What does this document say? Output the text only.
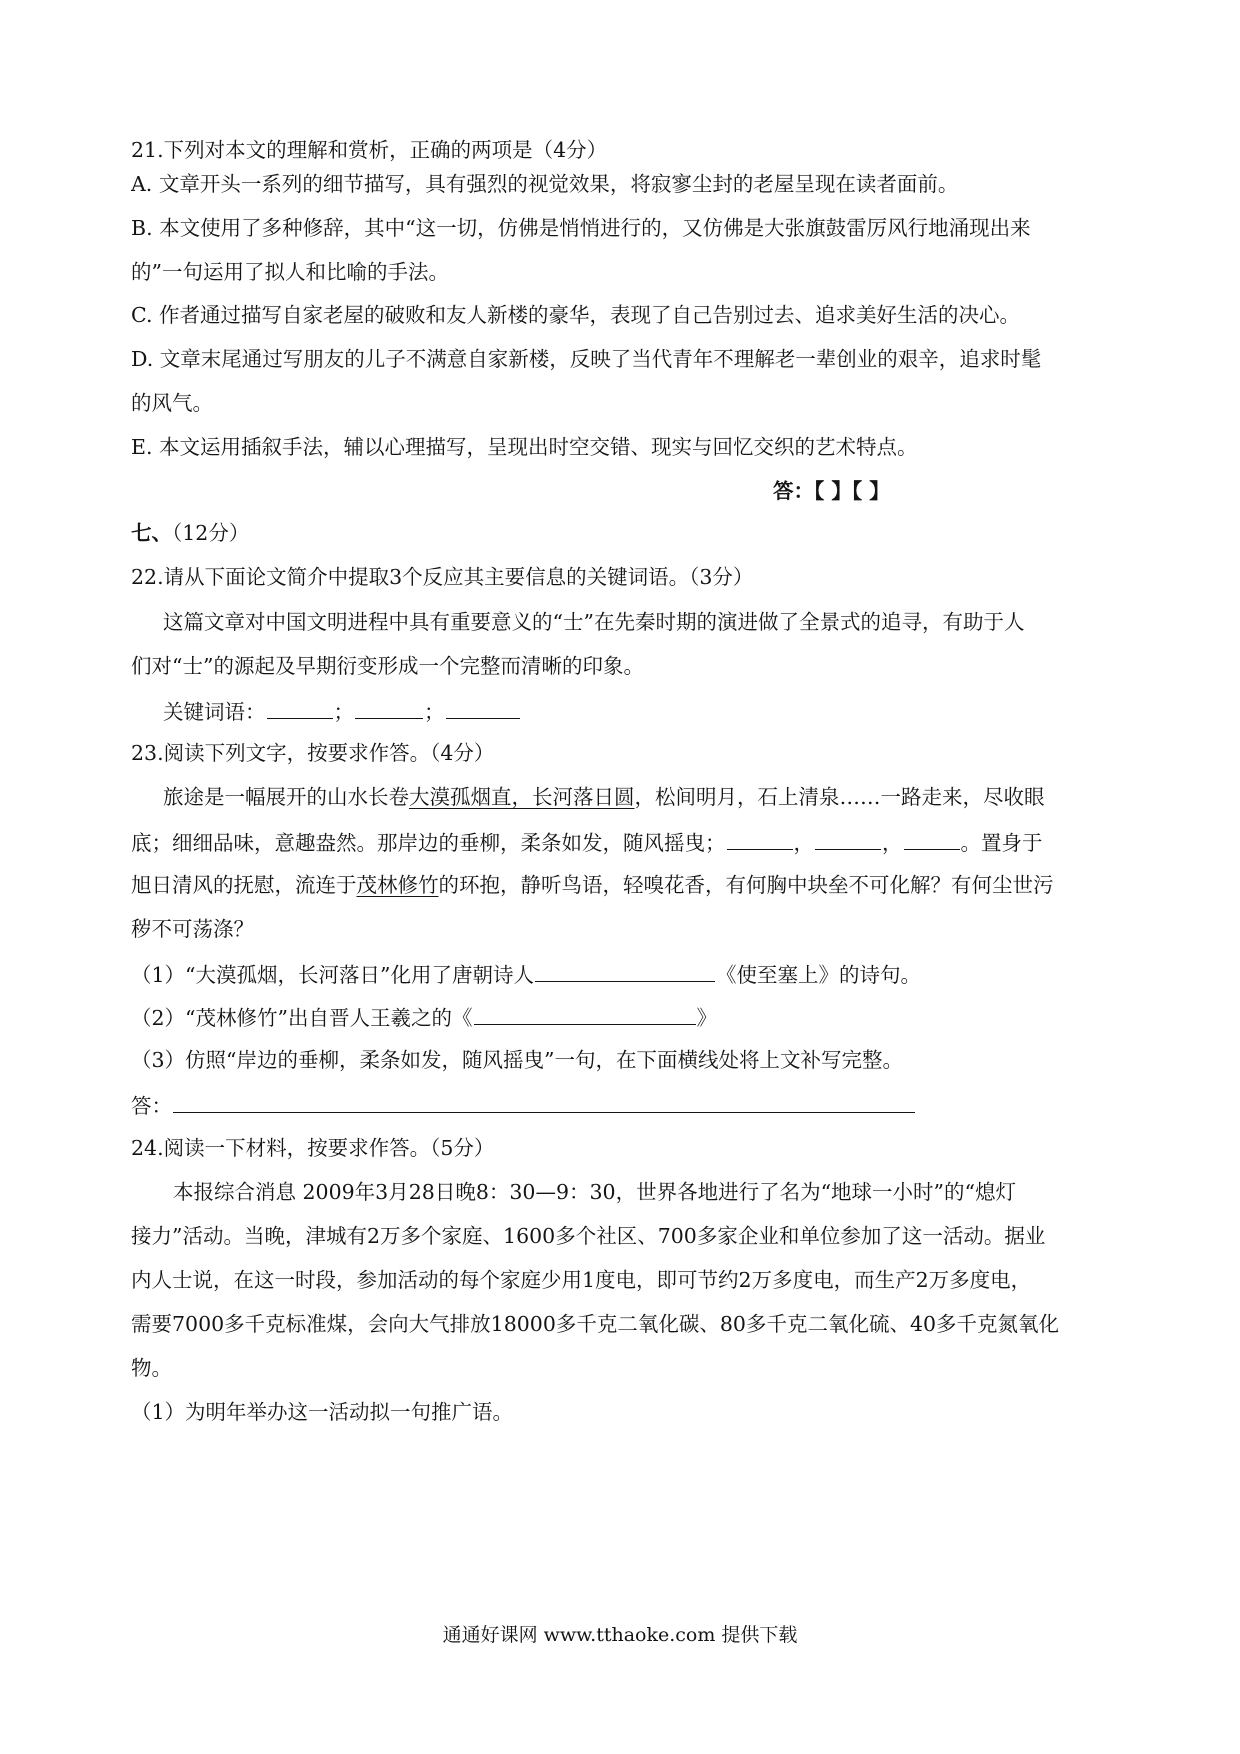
21.下列对本文的理解和赏析，正确的两项是（4分）
A. 文章开头一系列的细节描写，具有强烈的视觉效果，将寂寥尘封的老屋呈现在读者面前。
B. 本文使用了多种修辞，其中“这一切，仿佛是悄悄进行的，又仿佛是大张旗鼓雷厉风行地涌现出来
的”一句运用了拟人和比喻的手法。
C. 作者通过描写自家老屋的破败和友人新楼的豪华，表现了自己告别过去、追求美好生活的决心。
D. 文章末尾通过写朋友的儿子不满意自家新楼，反映了当代青年不理解老一辈创业的艰辛，追求时髦
的风气。
E. 本文运用插叙手法，辅以心理描写，呈现出时空交错、现实与回忆交织的艺术特点。
答：【 】【 】
七、（12分）
22.请从下面论文简介中提取3个反应其主要信息的关键词语。（3分）
这篇文章对中国文明进程中具有重要意义的“士”在先秦时期的演进做了全景式的追寻，有助于人
们对“士”的源起及早期衍变形成一个完整而清晰的印象。
关键词语：	；	；
23.阅读下列文字，按要求作答。（4分）
旅途是一幅展开的山水长卷大漠孤烟直，长河落日圆，松间明月，石上清泉……一路走来，尽收眼
底；细细品味，意趣盎然。那岸边的垂柳，柔条如发，随风摇曳；	，	，	。置身于
旭日清风的抚慰，流连于茂林修竹的环抱，静听鸟语，轻嗅花香，有何胸中块垒不可化解？有何尘世污
秽不可荡涤？
（1）“大漠孤烟，长河落日”化用了唐朝诗人	《使至塞上》的诗句。
（2）“茂林修竹”出自晋人王羲之的《	》
（3）仿照“岸边的垂柳，柔条如发，随风摇曳”一句，在下面横线处将上文补写完整。
答：
24.阅读一下材料，按要求作答。（5分）
本报综合消息 2009年3月28日晚8：30—9：30，世界各地进行了名为“地球一小时”的“熄灯
接力”活动。当晚，津城有2万多个家庭、1600多个社区、700多家企业和单位参加了这一活动。据业
内人士说，在这一时段，参加活动的每个家庭少用1度电，即可节约2万多度电，而生产2万多度电，
需要7000多千克标准煤，会向大气排放18000多千克二氧化碳、80多千克二氧化硫、40多千克氮氧化
物。
（1）为明年举办这一活动拟一句推广语。
通通好课网 www.tthaoke.com 提供下载
